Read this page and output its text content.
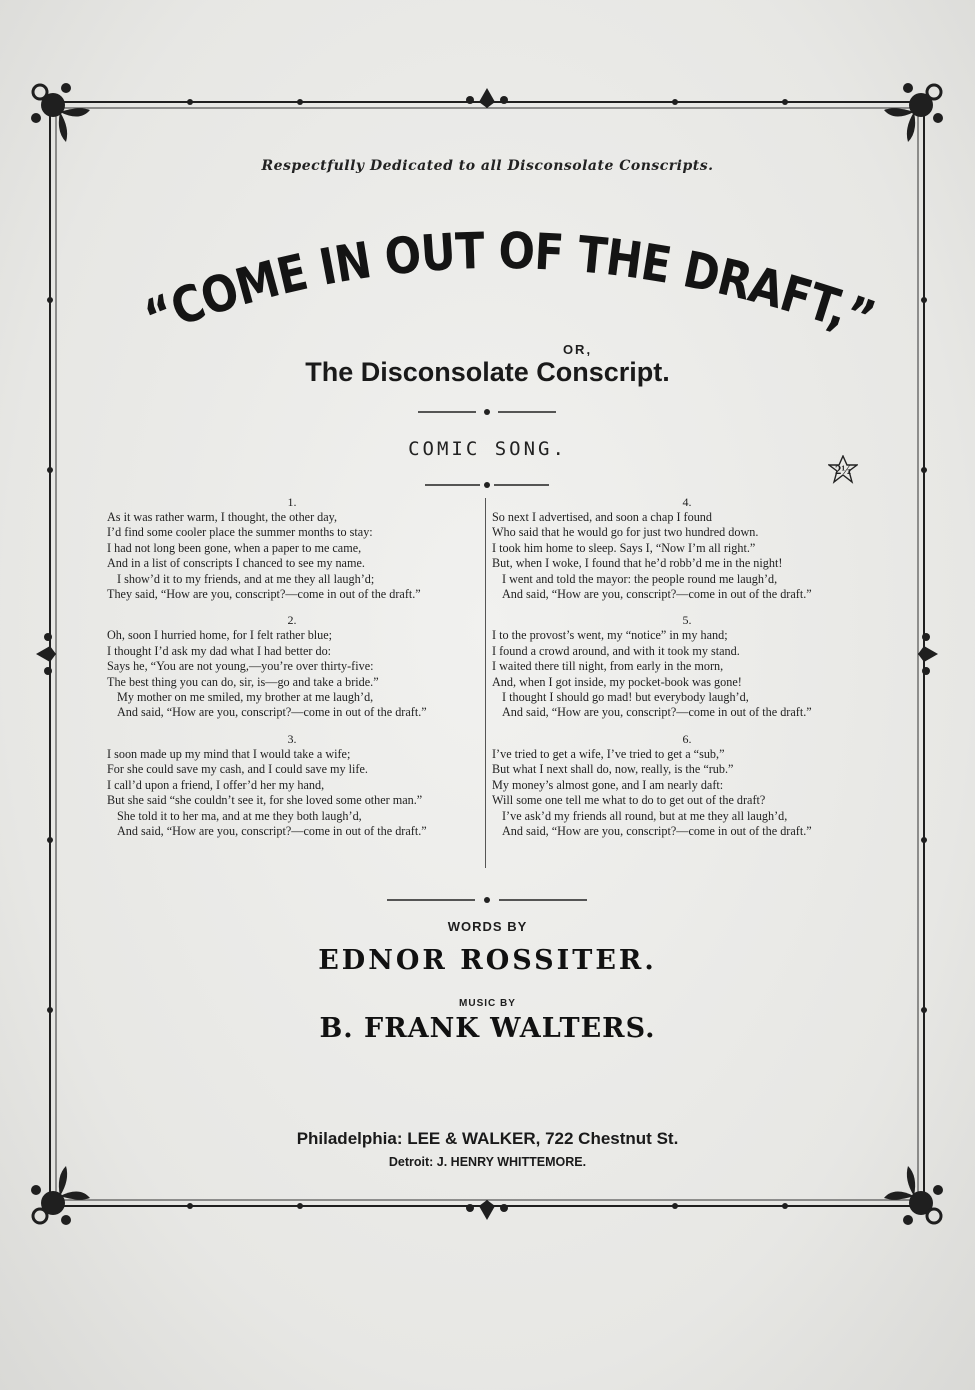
Respectfully Dedicated to all Disconsolate Conscripts.
“COME IN OUT OF THE DRAFT,”
OR,
The Disconsolate Conscript.
COMIC SONG.
2½
1.
As it was rather warm, I thought, the other day,
I’d find some cooler place the summer months to stay:
I had not long been gone, when a paper to me came,
And in a list of conscripts I chanced to see my name.
I show’d it to my friends, and at me they all laugh’d;
They said, “How are you, conscript?—come in out of the draft.”
2.
Oh, soon I hurried home, for I felt rather blue;
I thought I’d ask my dad what I had better do:
Says he, “You are not young,—you’re over thirty-five:
The best thing you can do, sir, is—go and take a bride.”
My mother on me smiled, my brother at me laugh’d,
And said, “How are you, conscript?—come in out of the draft.”
3.
I soon made up my mind that I would take a wife;
For she could save my cash, and I could save my life.
I call’d upon a friend, I offer’d her my hand,
But she said “she couldn’t see it, for she loved some other man.”
She told it to her ma, and at me they both laugh’d,
And said, “How are you, conscript?—come in out of the draft.”
4.
So next I advertised, and soon a chap I found
Who said that he would go for just two hundred down.
I took him home to sleep. Says I, “Now I’m all right.”
But, when I woke, I found that he’d robb’d me in the night!
I went and told the mayor: the people round me laugh’d,
And said, “How are you, conscript?—come in out of the draft.”
5.
I to the provost’s went, my “notice” in my hand;
I found a crowd around, and with it took my stand.
I waited there till night, from early in the morn,
And, when I got inside, my pocket-book was gone!
I thought I should go mad! but everybody laugh’d,
And said, “How are you, conscript?—come in out of the draft.”
6.
I’ve tried to get a wife, I’ve tried to get a “sub,”
But what I next shall do, now, really, is the “rub.”
My money’s almost gone, and I am nearly daft:
Will some one tell me what to do to get out of the draft?
I’ve ask’d my friends all round, but at me they all laugh’d,
And said, “How are you, conscript?—come in out of the draft.”
WORDS BY
EDNOR ROSSITER.
MUSIC BY
B. FRANK WALTERS.
Philadelphia: LEE & WALKER, 722 Chestnut St.
Detroit: J. HENRY WHITTEMORE.
